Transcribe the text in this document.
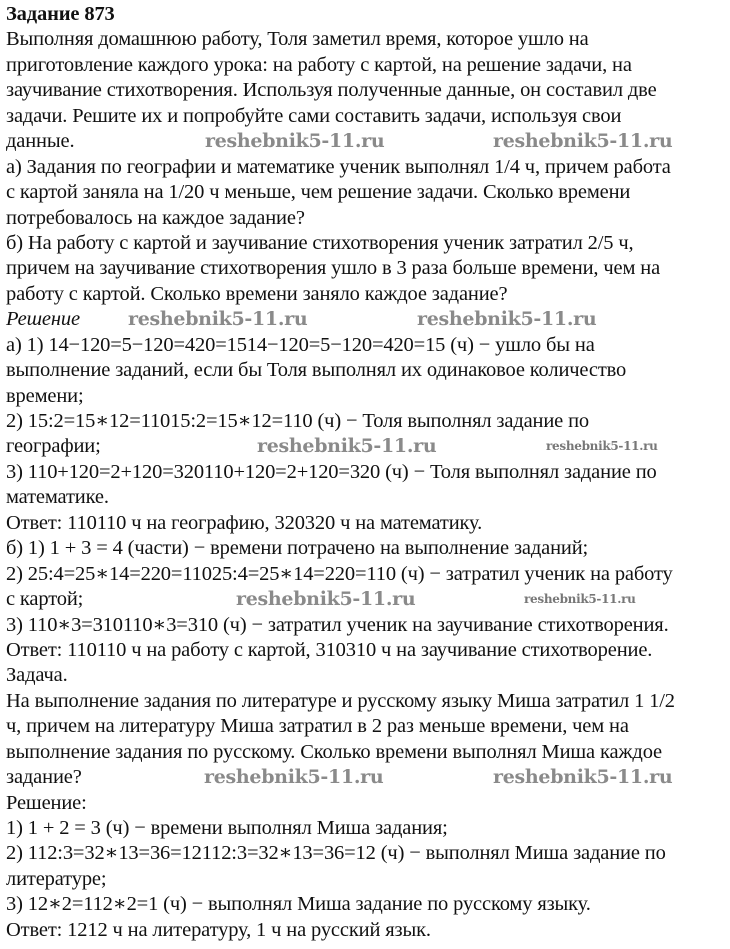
Задание 873
Выполняя домашнюю работу, Толя заметил время, которое ушло на
приготовление каждого урока: на работу с картой, на решение задачи, на
заучивание стихотворения. Используя полученные данные, он составил две
задачи. Решите их и попробуйте сами составить задачи, используя свои
данные.	reshebnik5-11.ru	reshebnik5-11.ru
а) Задания по географии и математике ученик выполнял 1/4 ч, причем работа
с картой заняла на 1/20 ч меньше, чем решение задачи. Сколько времени
потребовалось на каждое задание?
б) На работу с картой и заучивание стихотворения ученик затратил 2/5 ч,
причем на заучивание стихотворения ушло в 3 раза больше времени, чем на
работу с картой. Сколько времени заняло каждое задание?
Решение	reshebnik5-11.ru	reshebnik5-11.ru
а) 1) 14−120=5−120=420=1514−120=5−120=420=15 (ч) − ушло бы на
выполнение заданий, если бы Толя выполнял их одинаковое количество
времени;
2) 15:2=15∗12=11015:2=15∗12=110 (ч) − Толя выполнял задание по
географии;	reshebnik5-11.ru	reshebnik5-11.ru
3) 110+120=2+120=320110+120=2+120=320 (ч) − Толя выполнял задание по
математике.
Ответ: 110110 ч на географию, 320320 ч на математику.
б) 1) 1 + 3 = 4 (части) − времени потрачено на выполнение заданий;
2) 25:4=25∗14=220=11025:4=25∗14=220=110 (ч) − затратил ученик на работу
с картой;	reshebnik5-11.ru	reshebnik5-11.ru
3) 110∗3=310110∗3=310 (ч) − затратил ученик на заучивание стихотворения.
Ответ: 110110 ч на работу с картой, 310310 ч на заучивание стихотворение.
Задача.
На выполнение задания по литературе и русскому языку Миша затратил 1 1/2
ч, причем на литературу Миша затратил в 2 раз меньше времени, чем на
выполнение задания по русскому. Сколько времени выполнял Миша каждое
задание?	reshebnik5-11.ru	reshebnik5-11.ru
Решение:
1) 1 + 2 = 3 (ч) − времени выполнял Миша задания;
2) 112:3=32∗13=36=12112:3=32∗13=36=12 (ч) − выполнял Миша задание по
литературе;
3) 12∗2=112∗2=1 (ч) − выполнял Миша задание по русскому языку.
Ответ: 1212 ч на литературу, 1 ч на русский язык.
